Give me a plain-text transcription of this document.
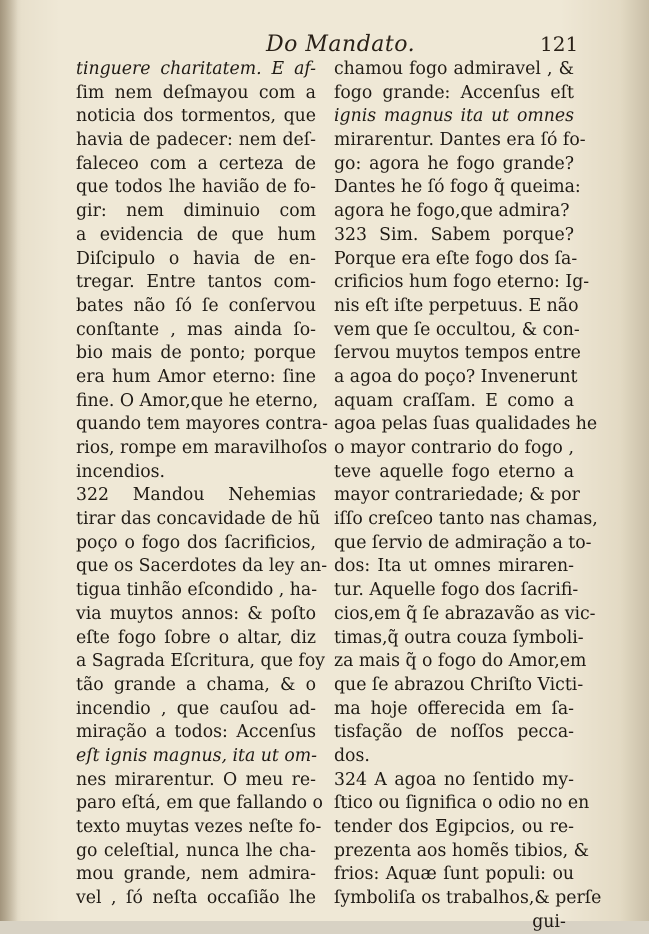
Do Mandato.	121
tinguere charitatem. E af-
ſim nem deſmayou com a
noticia dos tormentos, que
havia de padecer: nem deſ-
faleceo com a certeza de
que todos lhe havião de fo-
gir: nem diminuio com
a evidencia de que hum
Diſcipulo o havia de en-
tregar. Entre tantos com-
bates não ſó ſe conſervou
conſtante , mas ainda ſo-
bio mais de ponto; porque
era hum Amor eterno: ſine
fine. O Amor,que he eterno,
quando tem mayores contra-
rios, rompe em maravilhoſos
incendios.
322 Mandou Nehemias
tirar das concavidade de hũ
poço o fogo dos ſacrificios,
que os Sacerdotes da ley an-
tigua tinhão eſcondido , ha-
via muytos annos: & poſto
eſte fogo ſobre o altar, diz
a Sagrada Eſcritura, que foy
tão grande a chama, & o
incendio , que cauſou ad-
miração a todos: Accenſus
eſt ignis magnus, ita ut om-
nes mirarentur. O meu re-
paro eſtá, em que fallando o
texto muytas vezes neſte fo-
go celeſtial, nunca lhe cha-
mou grande, nem admira-
vel , ſó neſta occaſião lhe
chamou fogo admiravel , &
fogo grande: Accenſus eſt
ignis magnus ita ut omnes
mirarentur. Dantes era ſó fo-
go: agora he fogo grande?
Dantes he ſó fogo q̃ queima:
agora he fogo,que admira?
323 Sim. Sabem porque?
Porque era eſte fogo dos ſa-
crificios hum fogo eterno: Ig-
nis eſt iſte perpetuus. E não
vem que ſe occultou, & con-
ſervou muytos tempos entre
a agoa do poço? Invenerunt
aquam craſſam. E como a
agoa pelas ſuas qualidades he
o mayor contrario do fogo ,
teve aquelle fogo eterno a
mayor contrariedade; & por
iſſo creſceo tanto nas chamas,
que ſervio de admiração a to-
dos: Ita ut omnes miraren-
tur. Aquelle fogo dos ſacrifi-
cios,em q̃ ſe abrazavão as vic-
timas,q̃ outra couza ſymboli-
za mais q̃ o fogo do Amor,em
que ſe abrazou Chriſto Victi-
ma hoje offerecida em ſa-
tisfação de noſſos pecca-
dos.
324 A agoa no ſentido my-
ſtico ou ſignifica o odio no en
tender dos Egipcios, ou re-
prezenta aos homẽs tibios, &
frios: Aquæ ſunt populi: ou
ſymboliſa os trabalhos,& perſe
gui-
